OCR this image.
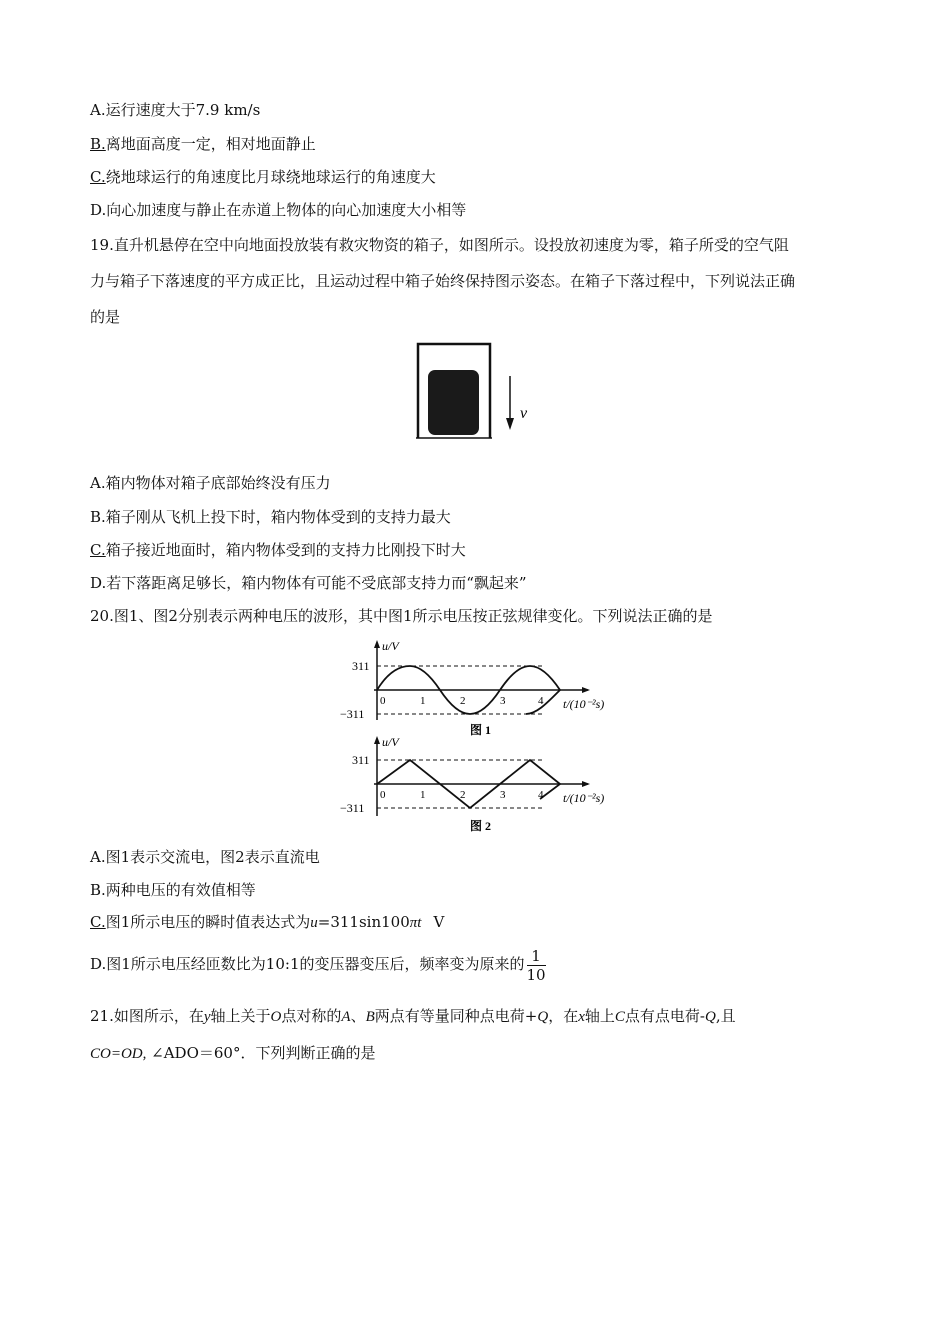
A.运行速度大于7.9 km/s
B.离地面高度一定，相对地面静止
C.绕地球运行的角速度比月球绕地球运行的角速度大
D.向心加速度与静止在赤道上物体的向心加速度大小相等
19.直升机悬停在空中向地面投放装有救灾物资的箱子，如图所示。设投放初速度为零，箱子所受的空气阻
力与箱子下落速度的平方成正比，且运动过程中箱子始终保持图示姿态。在箱子下落过程中，下列说法正确
的是
v
A.箱内物体对箱子底部始终没有压力
B.箱子刚从飞机上投下时，箱内物体受到的支持力最大
C.箱子接近地面时，箱内物体受到的支持力比刚投下时大
D.若下落距离足够长，箱内物体有可能不受底部支持力而“飘起来”
20.图1、图2分别表示两种电压的波形，其中图1所示电压按正弦规律变化。下列说法正确的是
u/V
311
−311
0	1	2	3	4 t/(10⁻²s)
图 1
u/V
311
−311
0	1	2	3	4 t/(10⁻²s)
图 2
A.图1表示交流电，图2表示直流电
B.两种电压的有效值相等
C.图1所示电压的瞬时值表达式为u=311sin100πt V
D.图1所示电压经匝数比为10:1的变压器变压后，频率变为原来的 $\frac{1}{10}$
21.如图所示，在y轴上关于O点对称的A、B两点有等量同种点电荷+Q，在x轴上C点有点电荷-Q,且
CO=OD, ∠ADO＝60°．下列判断正确的是
